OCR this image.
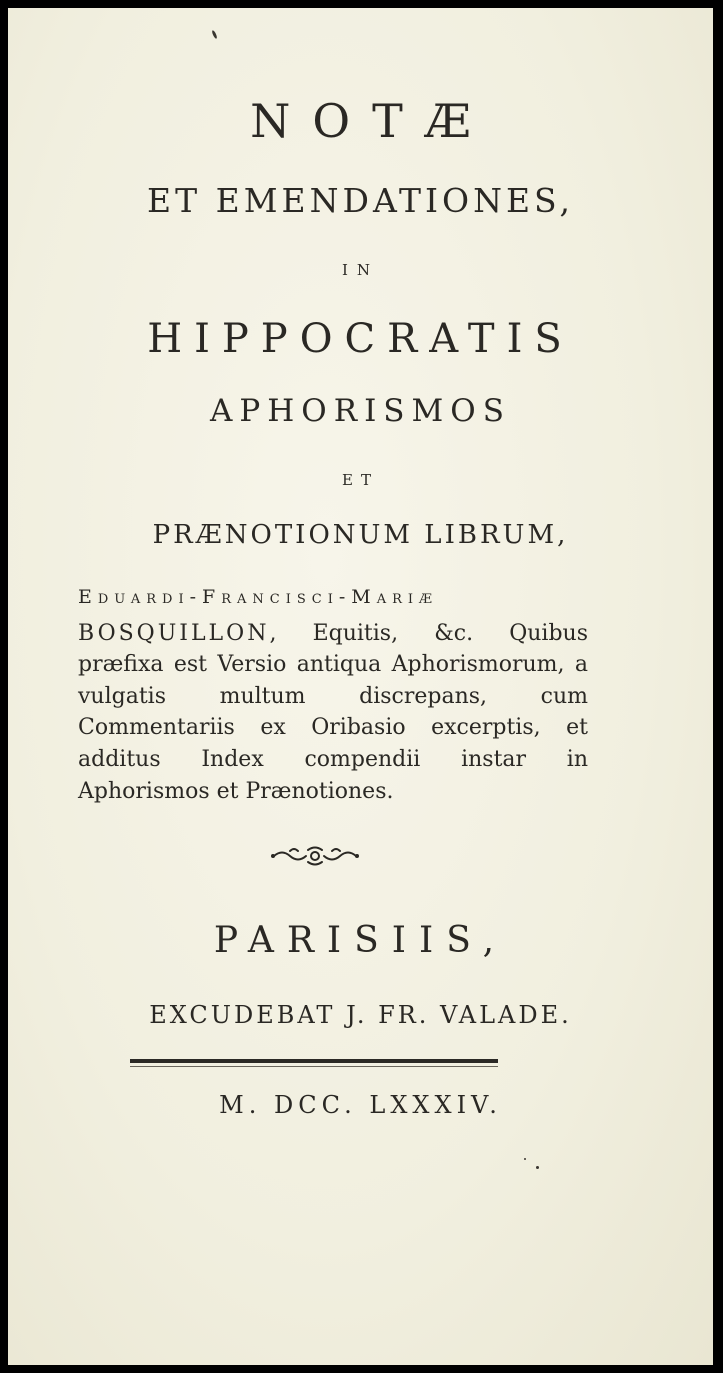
NOTÆ
ET EMENDATIONES,
IN
HIPPOCRATIS
APHORISMOS
ET
PRÆNOTIONUM LIBRUM,
EDUARDI-FRANCISCI-MARIÆ
BOSQUILLON, Equitis, &c. Quibus præfixa est Versio antiqua Aphorismorum, a vulgatis multum discrepans, cum Commentariis ex Oribasio excerptis, et additus Index compendii instar in Aphorismos et Prænotiones.
PARISIIS,
EXCUDEBAT J. FR. VALADE.
M. DCC. LXXXIV.
